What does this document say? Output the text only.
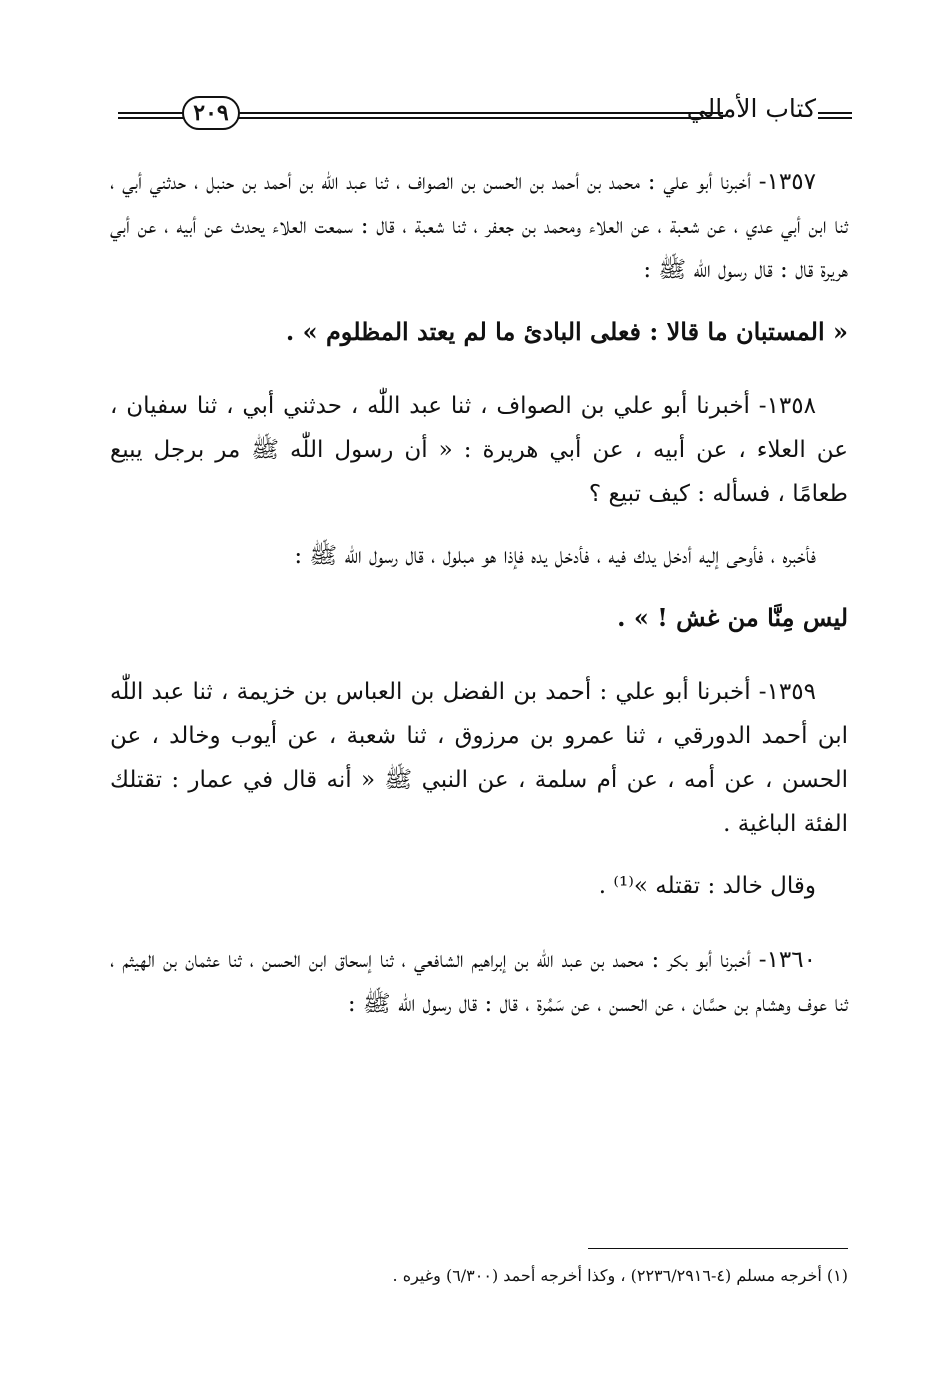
٢٠٩	كتاب الأمالي

١٣٥٧- أخبرنا أبو علي : محمد بن أحمد بن الحسن بن الصواف ، ثنا عبد اللّٰه بن أحمد بن حنبل ، حدثني أبي ، ثنا ابن أبي عدي ، عن شعبة ، عن العلاء ومحمد بن جعفر ، ثنا شعبة ، قال : سمعت العلاء يحدث عن أبيه ، عن أبي هريرة قال : قال رسول اللّٰه ﷺ :

« المستبان ما قالا : فعلى البادئ ما لم يعتد المظلوم » .

١٣٥٨- أخبرنا أبو علي بن الصواف ، ثنا عبد اللّٰه ، حدثني أبي ، ثنا سفيان ، عن العلاء ، عن أبيه ، عن أبي هريرة : « أن رسول اللّٰه ﷺ مر برجل يبيع طعامًا ، فسأله : كيف تبيع ؟

فأخبره ، فأوحى إليه أدخل يدك فيه ، فأدخل يده فإذا هو مبلول ، قال رسول اللّٰه ﷺ :

ليس مِنَّا من غش ! » .

١٣٥٩- أخبرنا أبو علي : أحمد بن الفضل بن العباس بن خزيمة ، ثنا عبد اللّٰه ابن أحمد الدورقي ، ثنا عمرو بن مرزوق ، ثنا شعبة ، عن أيوب وخالد ، عن الحسن ، عن أمه ، عن أم سلمة ، عن النبي ﷺ « أنه قال في عمار : تقتلك الفئة الباغية .

وقال خالد : تقتله »⁽¹⁾ .

١٣٦٠- أخبرنا أبو بكر : محمد بن عبد اللّٰه بن إبراهيم الشافعي ، ثنا إسحاق ابن الحسن ، ثنا عثمان بن الهيثم ، ثنا عوف وهشام بن حسَّان ، عن الحسن ، عن سَمُرة ، قال : قال رسول اللّٰه ﷺ :

(١) أخرجه مسلم (٤-٢٢٣٦/٢٩١٦) ، وكذا أخرجه أحمد (٦/٣٠٠) وغيره .
